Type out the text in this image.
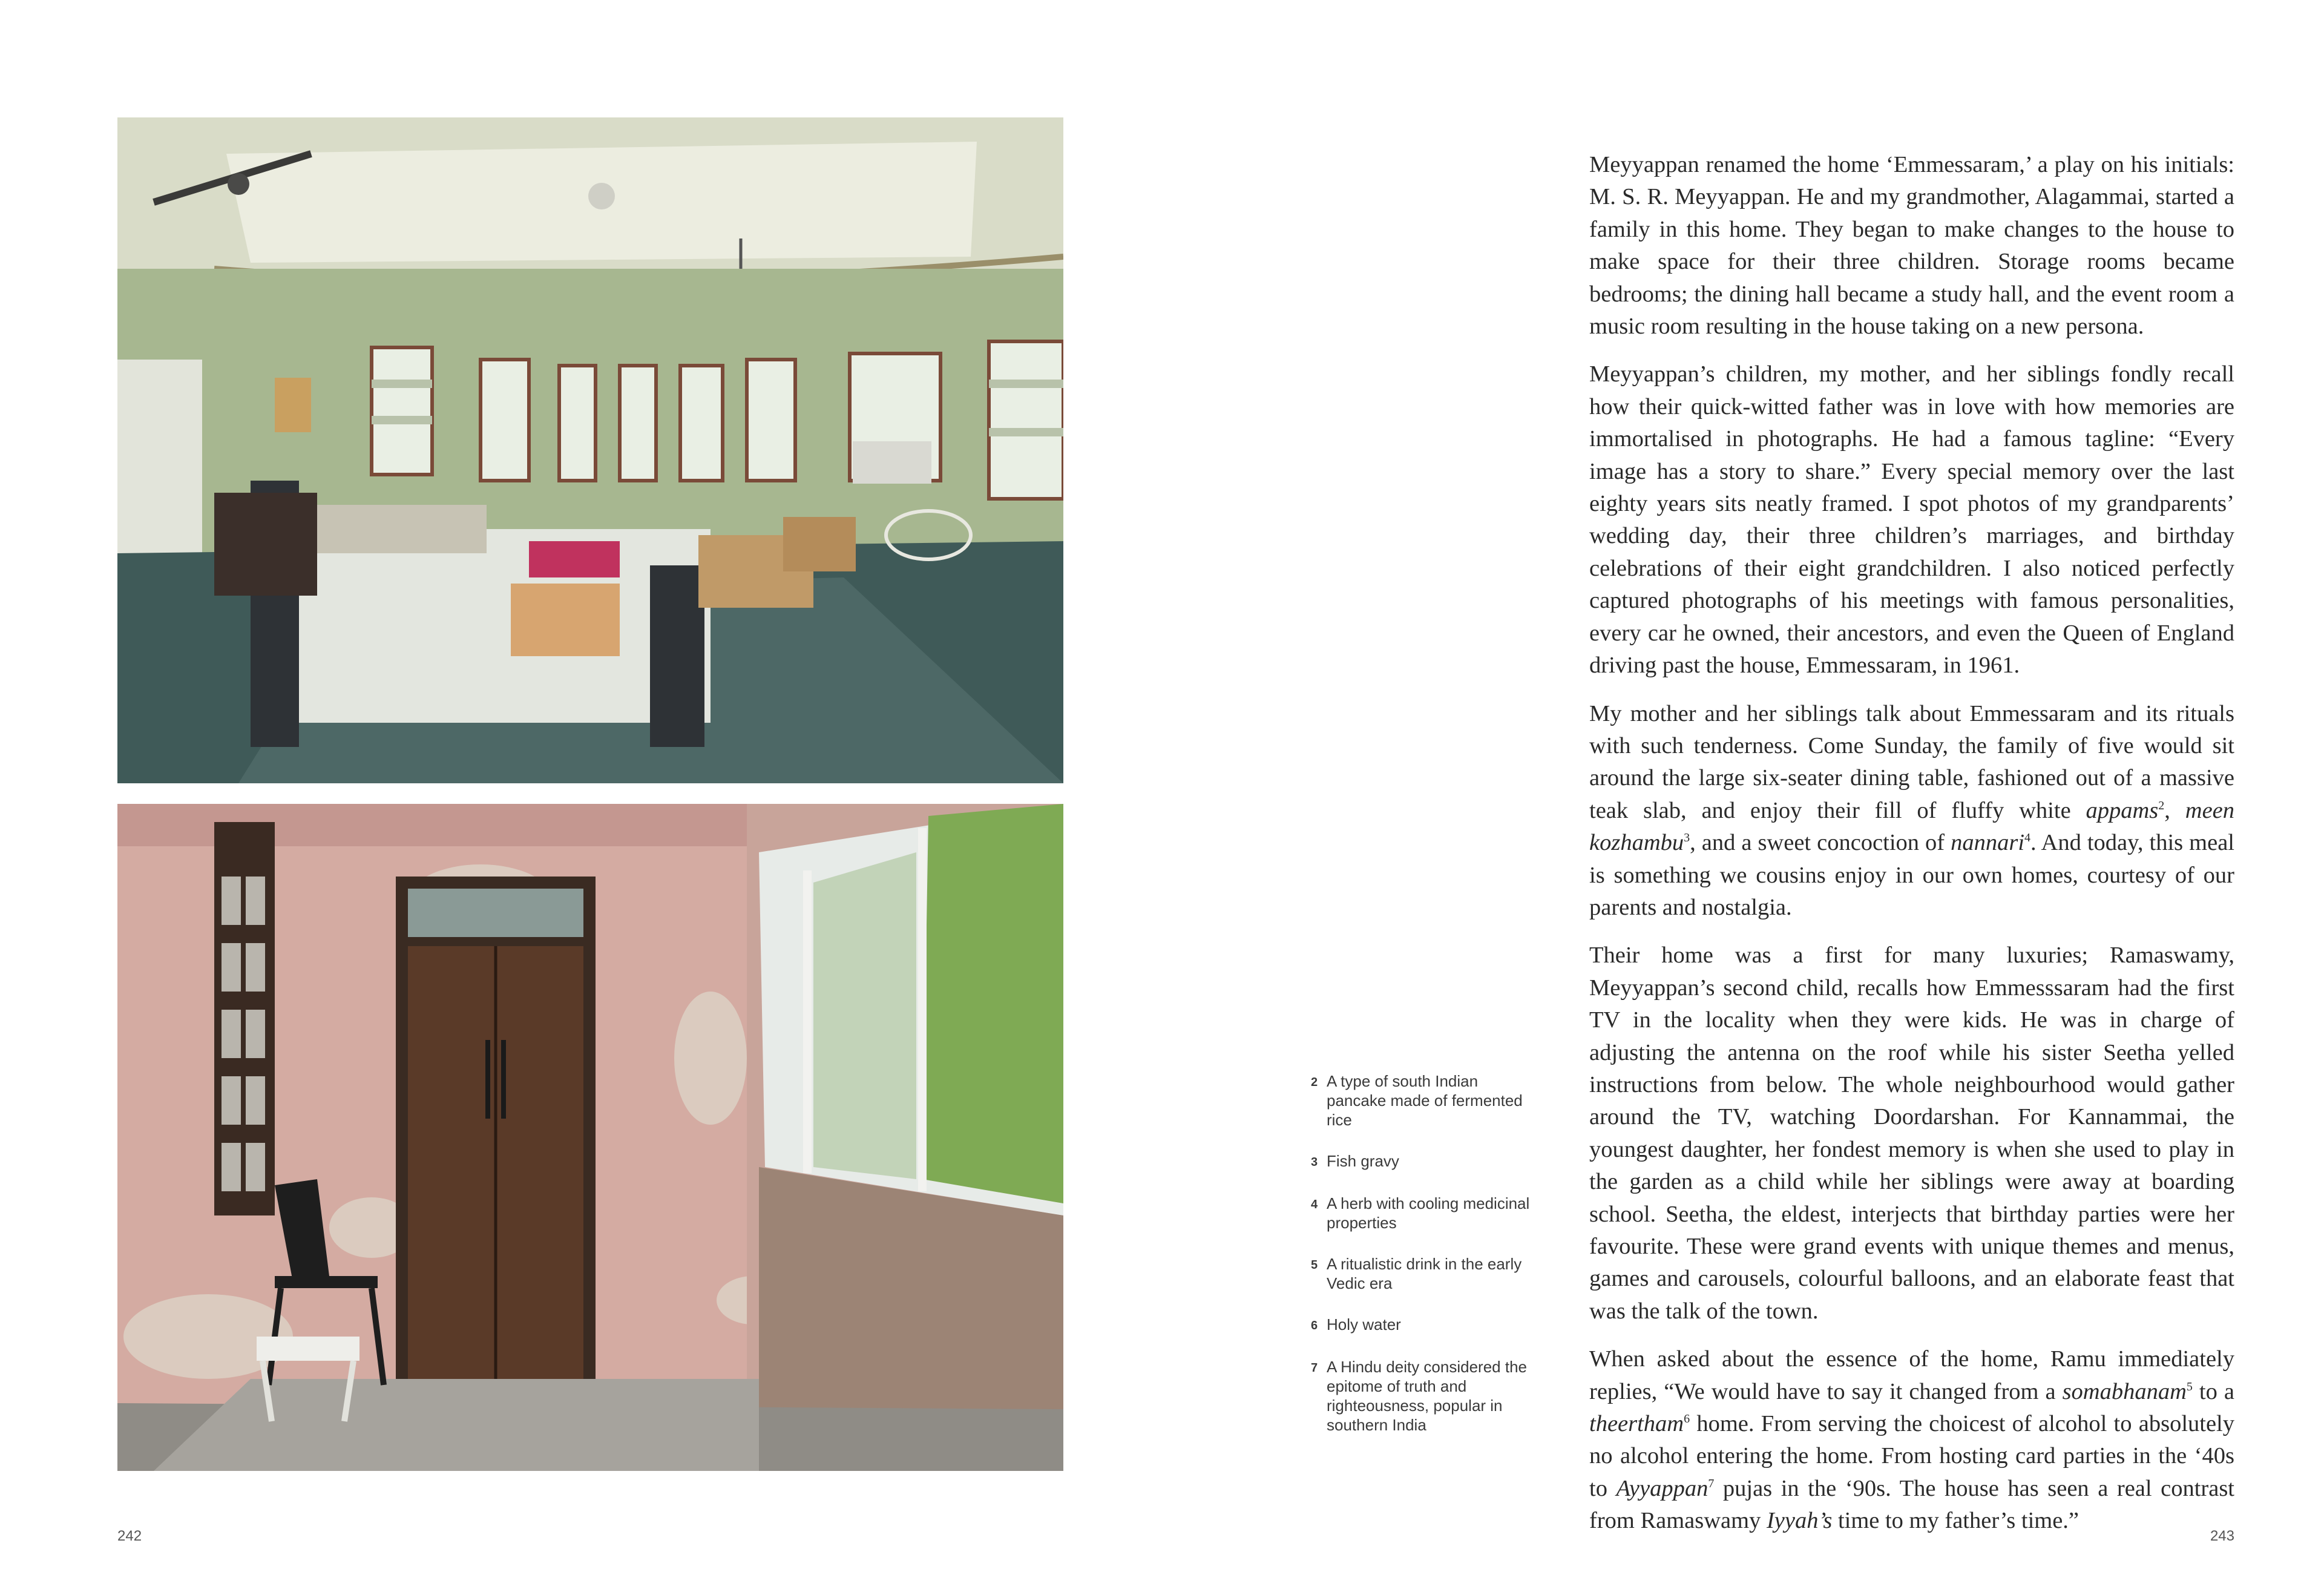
2 A type of south Indian pancake made of fermented rice
3 Fish gravy
4 A herb with cooling medicinal properties
5 A ritualistic drink in the early Vedic era
6 Holy water
7 A Hindu deity considered the epitome of truth and righteousness, popular in southern India

Meyyappan renamed the home ‘Emmessaram,’ a play on his initials: M. S. R. Meyyappan. He and my grandmother, Alagammai, started a family in this home. They began to make changes to the house to make space for their three children. Storage rooms became bedrooms; the dining hall became a study hall, and the event room a music room resulting in the house taking on a new persona.

Meyyappan’s children, my mother, and her siblings fondly recall how their quick-witted father was in love with how memories are immortalised in photographs. He had a famous tagline: “Every image has a story to share.” Every special memory over the last eighty years sits neatly framed. I spot photos of my grandparents’ wedding day, their three children’s marriages, and birthday celebrations of their eight grandchildren. I also noticed perfectly captured photographs of his meetings with famous personalities, every car he owned, their ancestors, and even the Queen of England driving past the house, Emmessaram, in 1961.

My mother and her siblings talk about Emmessaram and its rituals with such tenderness. Come Sunday, the family of five would sit around the large six-seater dining table, fashioned out of a massive teak slab, and enjoy their fill of fluffy white appams$^2$, meen kozhambu$^3$, and a sweet concoction of nannari$^4$. And today, this meal is something we cousins enjoy in our own homes, courtesy of our parents and nostalgia.

Their home was a first for many luxuries; Ramaswamy, Meyyappan’s second child, recalls how Emmesssaram had the first TV in the locality when they were kids. He was in charge of adjusting the antenna on the roof while his sister Seetha yelled instructions from below. The whole neighbourhood would gather around the TV, watching Doordarshan. For Kannammai, the youngest daughter, her fondest memory is when she used to play in the garden as a child while her siblings were away at boarding school. Seetha, the eldest, interjects that birthday parties were her favourite. These were grand events with unique themes and menus, games and carousels, colourful balloons, and an elaborate feast that was the talk of the town.

When asked about the essence of the home, Ramu immediately replies, “We would have to say it changed from a somabhanam$^5$ to a theertham$^6$ home. From serving the choicest of alcohol to absolutely no alcohol entering the home. From hosting card parties in the ‘40s to Ayyappan$^7$ pujas in the ‘90s. The house has seen a real contrast from Ramaswamy Iyyah’s time to my father’s time.”

242	243
